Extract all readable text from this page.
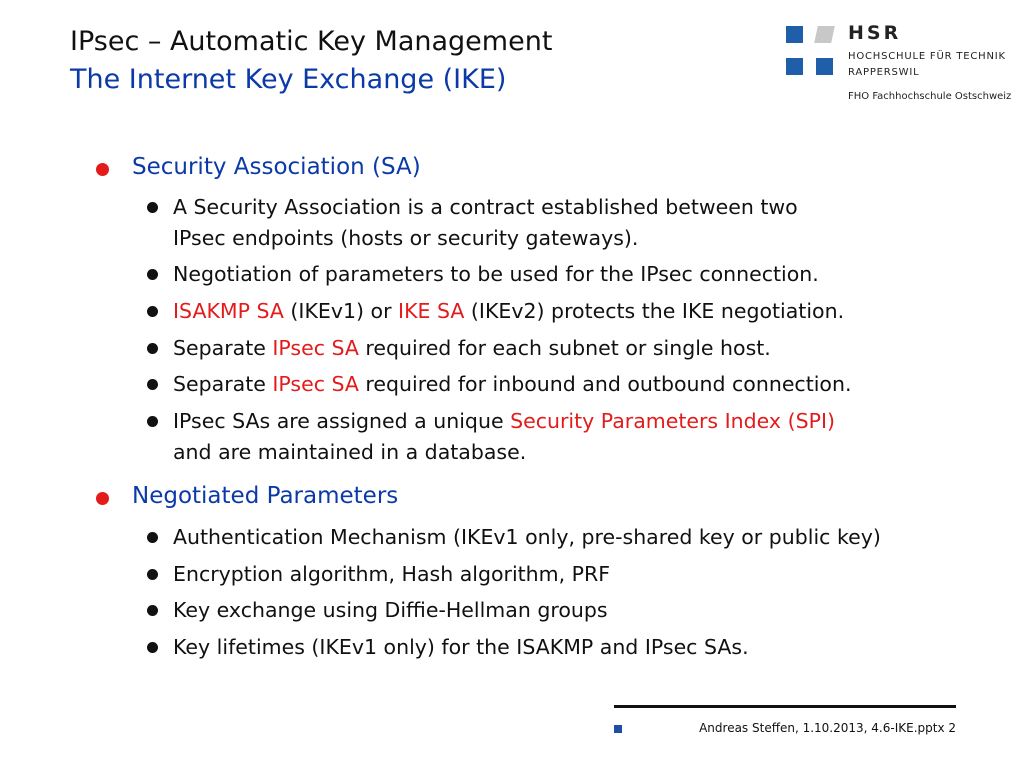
IPsec – Automatic Key Management
The Internet Key Exchange (IKE)
HSR
HOCHSCHULE FÜR TECHNIK
RAPPERSWIL
FHO Fachhochschule Ostschweiz
Security Association (SA)
A Security Association is a contract established between two
IPsec endpoints (hosts or security gateways).
Negotiation of parameters to be used for the IPsec connection.
ISAKMP SA (IKEv1) or IKE SA (IKEv2) protects the IKE negotiation.
Separate IPsec SA required for each subnet or single host.
Separate IPsec SA required for inbound and outbound connection.
IPsec SAs are assigned a unique Security Parameters Index (SPI)
and are maintained in a database.
Negotiated Parameters
Authentication Mechanism (IKEv1 only, pre-shared key or public key)
Encryption algorithm, Hash algorithm, PRF
Key exchange using Diffie-Hellman groups
Key lifetimes (IKEv1 only) for the ISAKMP and IPsec SAs.
Andreas Steffen, 1.10.2013, 4.6-IKE.pptx 2
